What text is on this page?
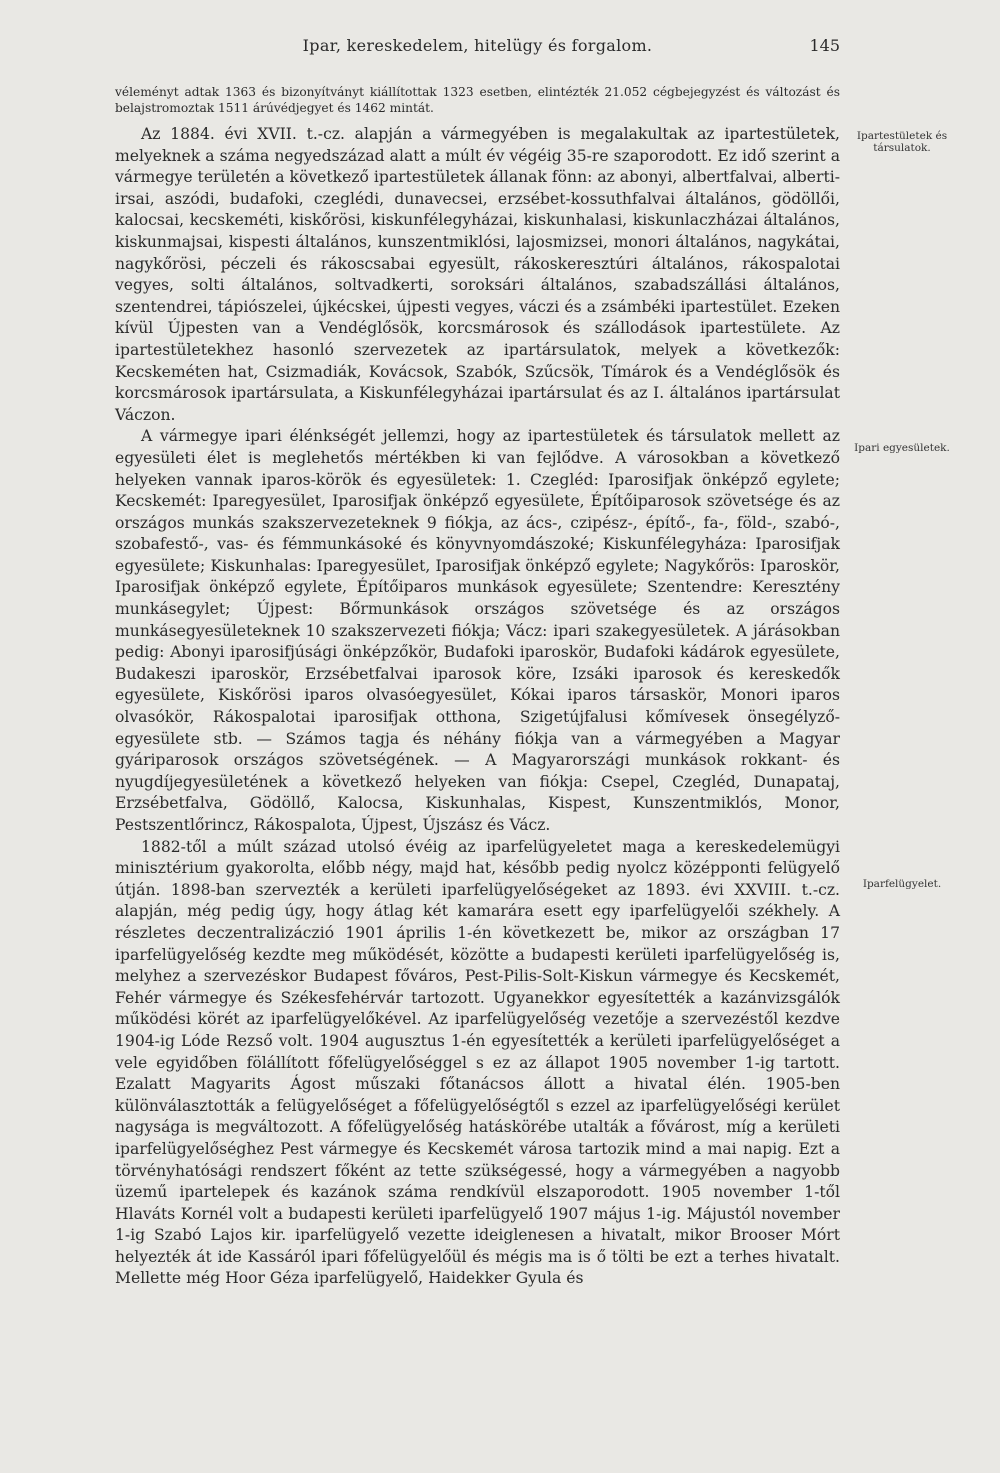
Ipar, kereskedelem, hitelügy és forgalom.	145
véleményt adtak 1363 és bizonyítványt kiállítottak 1323 esetben, elintézték 21.052 cégbejegyzést és változást és belajstromoztak 1511 árúvédjegyet és 1462 mintát.

Az 1884. évi XVII. t.-cz. alapján a vármegyében is megalakultak az ipartestületek, melyeknek a száma negyedszázad alatt a múlt év végéig 35-re szaporodott. Ez idő szerint a vármegye területén a következő ipartestületek állanak fönn: az abonyi, albertfalvai, alberti-irsai, aszódi, budafoki, czeglédi, dunavecsei, erzsébet-kossuthfalvai általános, gödöllői, kalocsai, kecskeméti, kiskőrösi, kiskunfélegyházai, kiskunhalasi, kiskunlaczházai általános, kiskunmajsai, kispesti általános, kunszentmiklósi, lajosmizsei, monori általános, nagykátai, nagykőrösi, péczeli és rákoscsabai egyesült, rákoskeresztúri általános, rákospalotai vegyes, solti általános, soltvadkerti, soroksári általános, szabadszállási általános, szentendrei, tápiószelei, újkécskei, újpesti vegyes, váczi és a zsámbéki ipartestület. Ezeken kívül Újpesten van a Vendéglősök, korcsmárosok és szállodások ipartestülete. Az ipartestületekhez hasonló szervezetek az ipartársulatok, melyek a következők: Kecskeméten hat, Csizmadiák, Kovácsok, Szabók, Szűcsök, Tímárok és a Vendéglősök és korcsmárosok ipartársulata, a Kiskunfélegyházai ipartársulat és az I. általános ipartársulat Váczon.

A vármegye ipari élénkségét jellemzi, hogy az ipartestületek és társulatok mellett az egyesületi élet is meglehetős mértékben ki van fejlődve. A városokban a következő helyeken vannak iparos-körök és egyesületek: 1. Czegléd: Iparosifjak önképző egylete; Kecskemét: Iparegyesület, Iparosifjak önképző egyesülete, Építőiparosok szövetsége és az országos munkás szakszervezeteknek 9 fiókja, az ács-, czipész-, építő-, fa-, föld-, szabó-, szobafestő-, vas- és fémmunkásoké és könyvnyomdászoké; Kiskunfélegyháza: Iparosifjak egyesülete; Kiskunhalas: Iparegyesület, Iparosifjak önképző egylete; Nagykőrös: Iparoskör, Iparosifjak önképző egylete, Építőiparos munkások egyesülete; Szentendre: Keresztény munkásegylet; Újpest: Bőrmunkások országos szövetsége és az országos munkásegyesületeknek 10 szakszervezeti fiókja; Vácz: ipari szakegyesületek. A járásokban pedig: Abonyi iparosifjúsági önképzőkör, Budafoki iparoskör, Budafoki kádárok egyesülete, Budakeszi iparoskör, Erzsébetfalvai iparosok köre, Izsáki iparosok és kereskedők egyesülete, Kiskőrösi iparos olvasóegyesület, Kókai iparos társaskör, Monori iparos olvasókör, Rákospalotai iparosifjak otthona, Szigetújfalusi kőmívesek önsegélyző-egyesülete stb. — Számos tagja és néhány fiókja van a vármegyében a Magyar gyáriparosok országos szövetségének. — A Magyarországi munkások rokkant- és nyugdíjegyesületének a következő helyeken van fiókja: Csepel, Czegléd, Dunapataj, Erzsébetfalva, Gödöllő, Kalocsa, Kiskunhalas, Kispest, Kunszentmiklós, Monor, Pestszentlőrincz, Rákospalota, Újpest, Újszász és Vácz.

1882-től a múlt század utolsó évéig az iparfelügyeletet maga a kereskedelemügyi minisztérium gyakorolta, előbb négy, majd hat, később pedig nyolcz középponti felügyelő útján. 1898-ban szervezték a kerületi iparfelügyelőségeket az 1893. évi XXVIII. t.-cz. alapján, még pedig úgy, hogy átlag két kamarára esett egy iparfelügyelői székhely. A részletes deczentralizáczió 1901 április 1-én következett be, mikor az országban 17 iparfelügyelőség kezdte meg működését, közötte a budapesti kerületi iparfelügyelőség is, melyhez a szervezéskor Budapest főváros, Pest-Pilis-Solt-Kiskun vármegye és Kecskemét, Fehér vármegye és Székesfehérvár tartozott. Ugyanekkor egyesítették a kazánvizsgálók működési körét az iparfelügyelőkével. Az iparfelügyelőség vezetője a szervezéstől kezdve 1904-ig Lóde Rezső volt. 1904 augusztus 1-én egyesítették a kerületi iparfelügyelőséget a vele egyidőben fölállított főfelügyelőséggel s ez az állapot 1905 november 1-ig tartott. Ezalatt Magyarits Ágost műszaki főtanácsos állott a hivatal élén. 1905-ben különválasztották a felügyelőséget a főfelügyelőségtől s ezzel az iparfelügyelőségi kerület nagysága is megváltozott. A főfelügyelőség hatáskörébe utalták a fővárost, míg a kerületi iparfelügyelőséghez Pest vármegye és Kecskemét városa tartozik mind a mai napig. Ezt a törvényhatósági rendszert főként az tette szükségessé, hogy a vármegyében a nagyobb üzemű ipartelepek és kazánok száma rendkívül elszaporodott. 1905 november 1-től Hlaváts Kornél volt a budapesti kerületi iparfelügyelő 1907 május 1-ig. Májustól november 1-ig Szabó Lajos kir. iparfelügyelő vezette ideiglenesen a hivatalt, mikor Brooser Mórt helyezték át ide Kassáról ipari főfelügyelőül és mégis ma is ő tölti be ezt a terhes hivatalt. Mellette még Hoor Géza iparfelügyelő, Haidekker Gyula és

Ipartestületek és társulatok.
Ipari egyesületek.
Iparfelügyelet.
